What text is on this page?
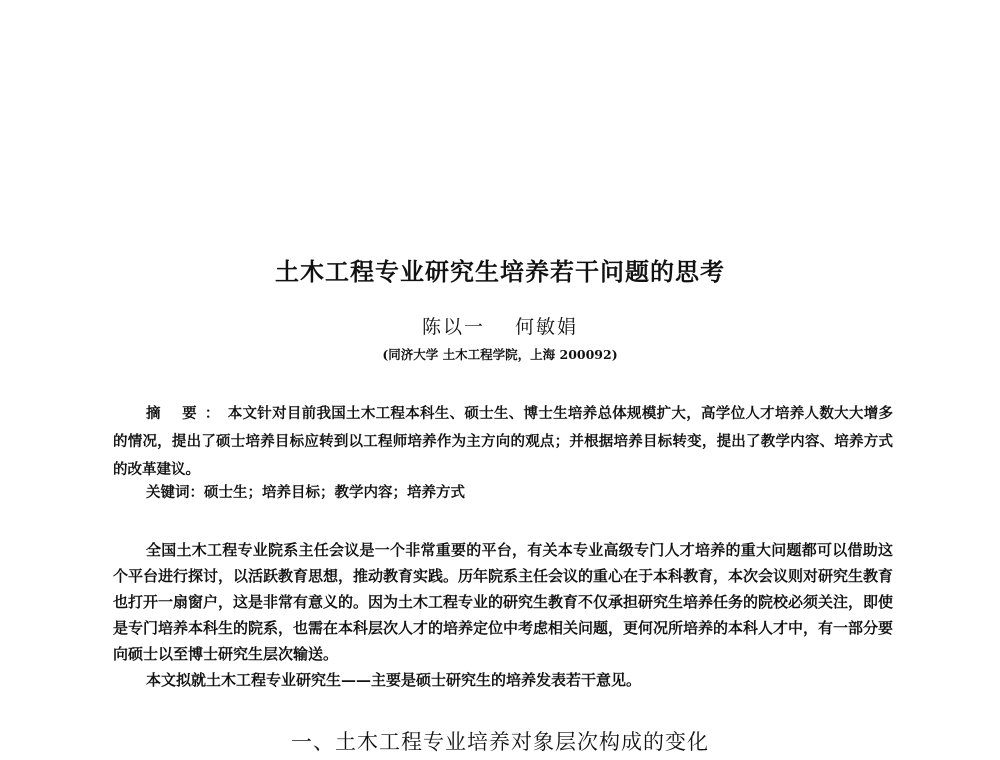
土木工程专业研究生培养若干问题的思考
陈以一 何敏娟
(同济大学 土木工程学院，上海 200092)
摘 要：本文针对目前我国土木工程本科生、硕士生、博士生培养总体规模扩大，高学位人才培养人数大大增多的情况，提出了硕士培养目标应转到以工程师培养作为主方向的观点；并根据培养目标转变，提出了教学内容、培养方式的改革建议。
关键词：硕士生；培养目标；教学内容；培养方式

全国土木工程专业院系主任会议是一个非常重要的平台，有关本专业高级专门人才培养的重大问题都可以借助这个平台进行探讨，以活跃教育思想，推动教育实践。历年院系主任会议的重心在于本科教育，本次会议则对研究生教育也打开一扇窗户，这是非常有意义的。因为土木工程专业的研究生教育不仅承担研究生培养任务的院校必须关注，即使是专门培养本科生的院系，也需在本科层次人才的培养定位中考虑相关问题，更何况所培养的本科人才中，有一部分要向硕士以至博士研究生层次输送。

本文拟就土木工程专业研究生——主要是硕士研究生的培养发表若干意见。

一、土木工程专业培养对象层次构成的变化
